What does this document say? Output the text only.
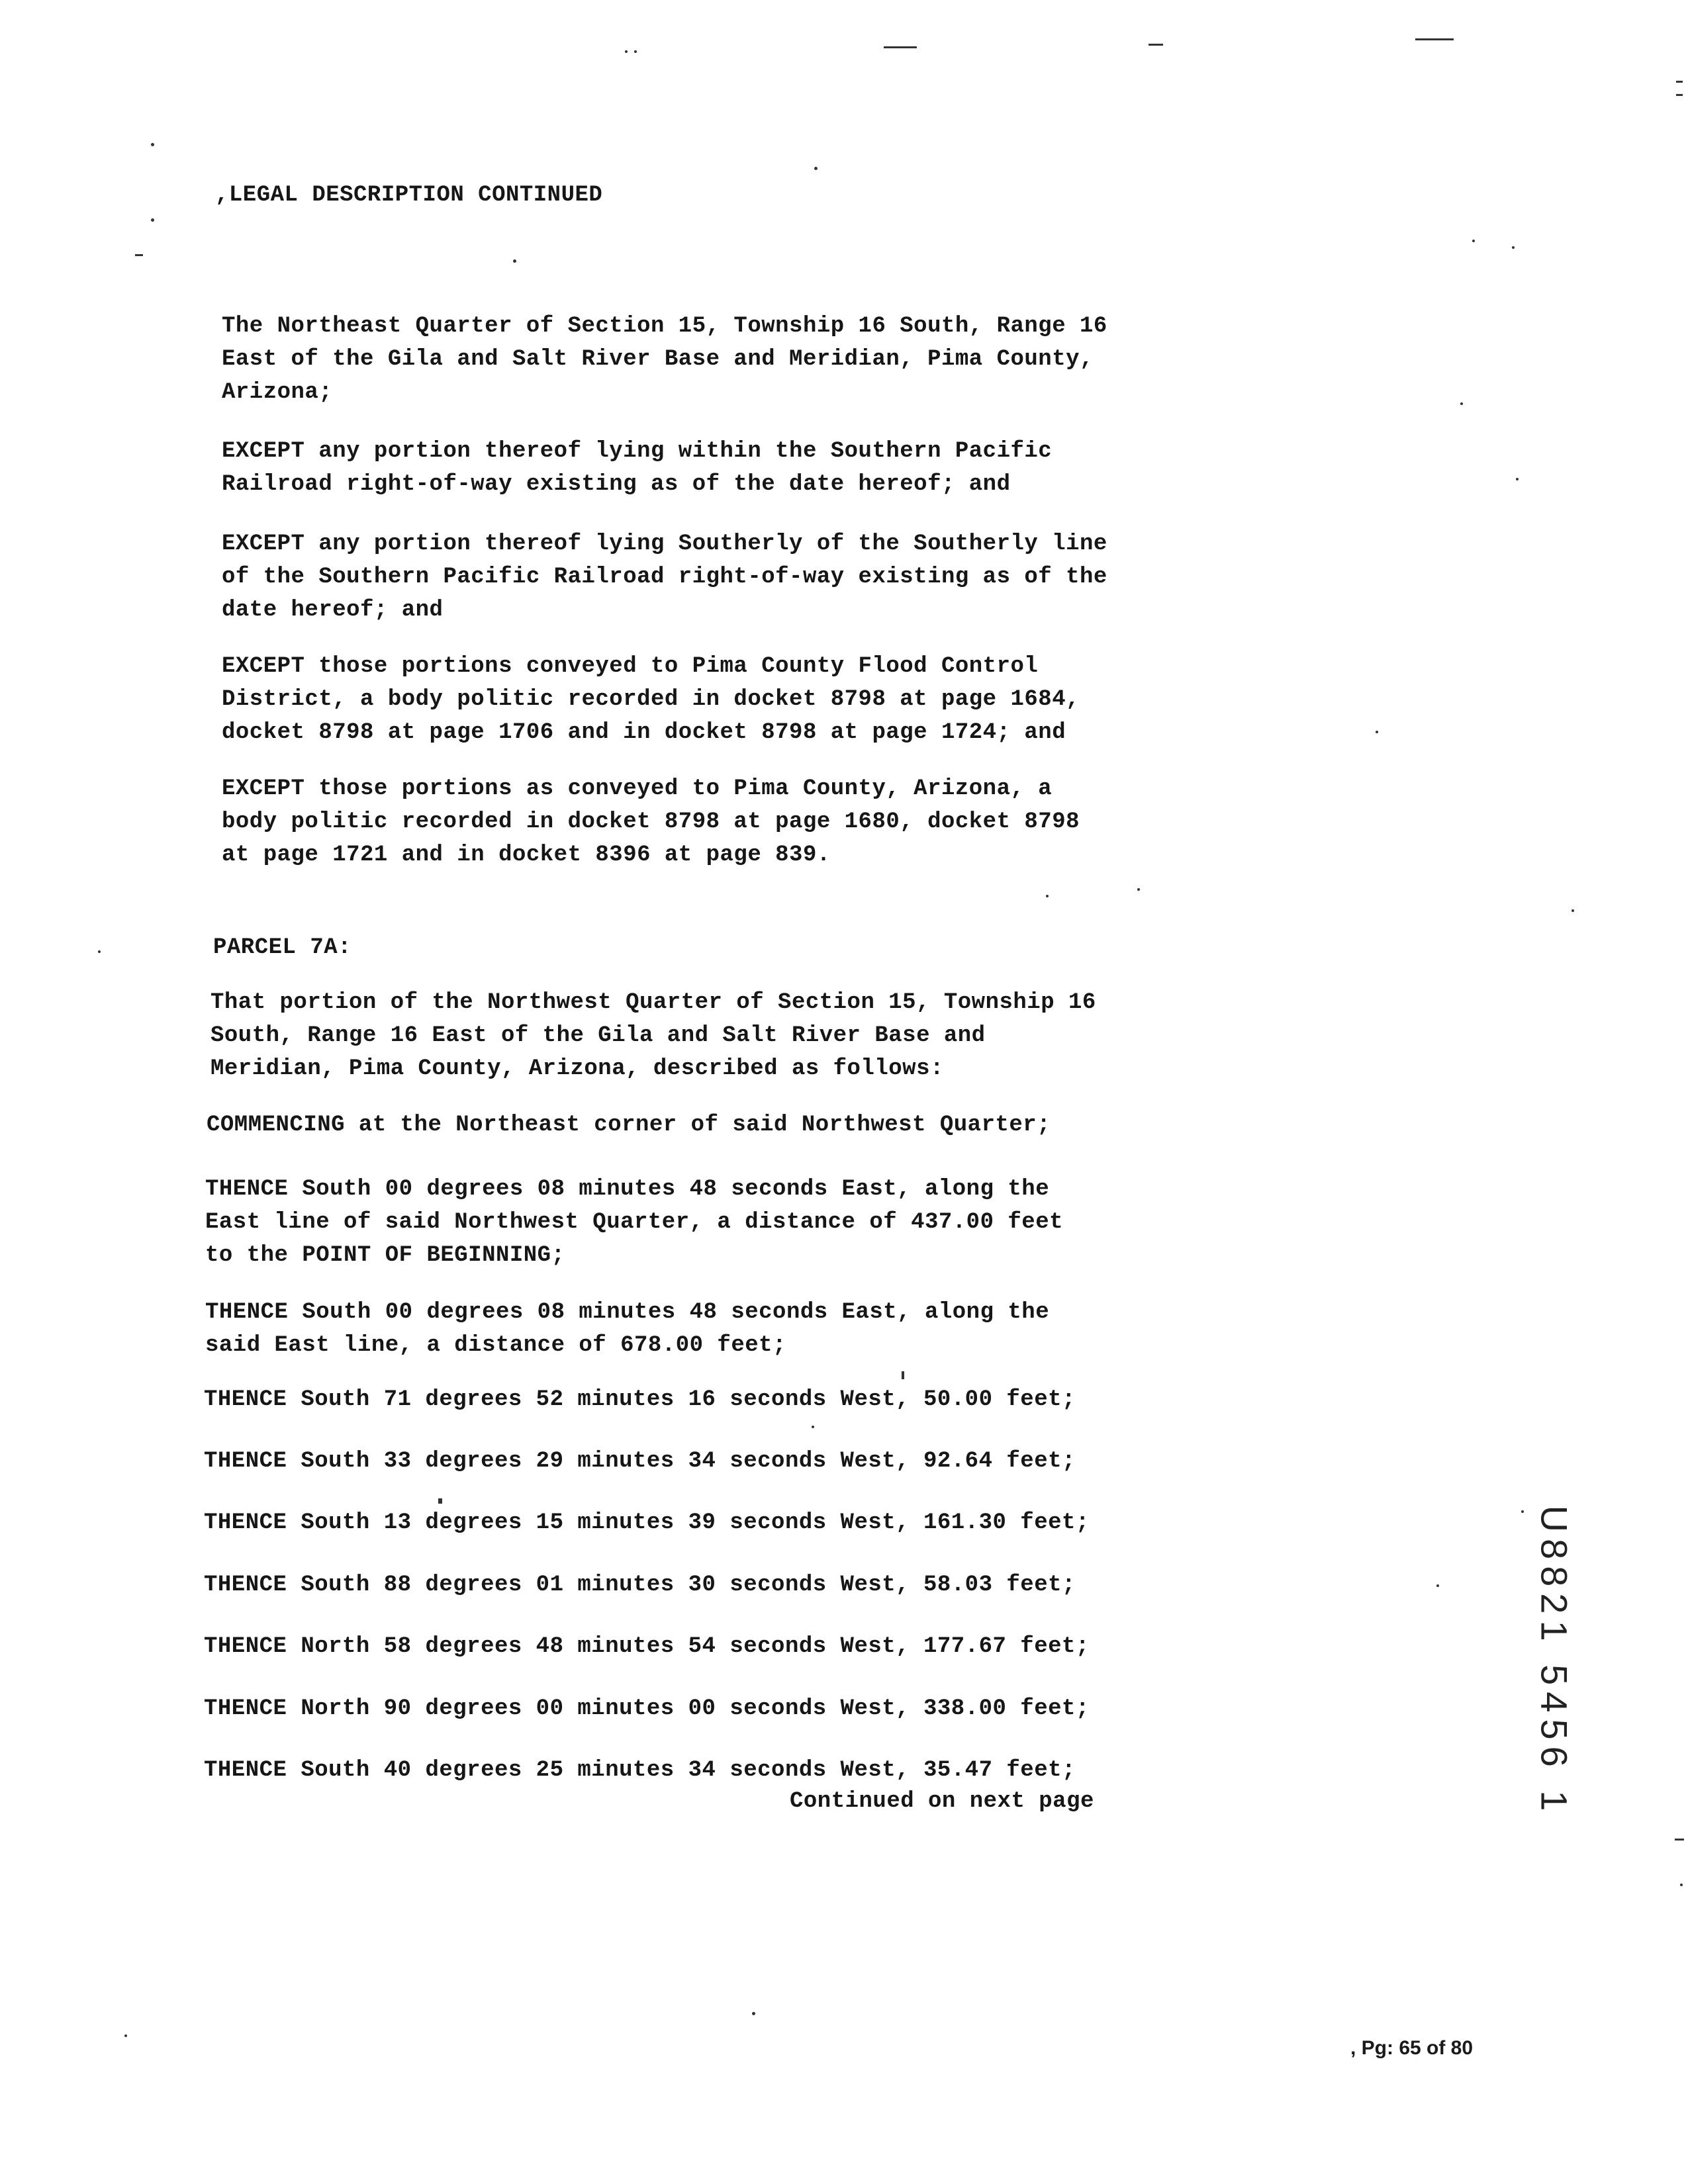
,LEGAL DESCRIPTION CONTINUED
The Northeast Quarter of Section 15, Township 16 South, Range 16
East of the Gila and Salt River Base and Meridian, Pima County,
Arizona;
EXCEPT any portion thereof lying within the Southern Pacific
Railroad right-of-way existing as of the date hereof; and
EXCEPT any portion thereof lying Southerly of the Southerly line
of the Southern Pacific Railroad right-of-way existing as of the
date hereof; and
EXCEPT those portions conveyed to Pima County Flood Control
District, a body politic recorded in docket 8798 at page 1684,
docket 8798 at page 1706 and in docket 8798 at page 1724; and
EXCEPT those portions as conveyed to Pima County, Arizona, a
body politic recorded in docket 8798 at page 1680, docket 8798
at page 1721 and in docket 8396 at page 839.
PARCEL 7A:
That portion of the Northwest Quarter of Section 15, Township 16
South, Range 16 East of the Gila and Salt River Base and
Meridian, Pima County, Arizona, described as follows:
COMMENCING at the Northeast corner of said Northwest Quarter;
THENCE South 00 degrees 08 minutes 48 seconds East, along the
East line of said Northwest Quarter, a distance of 437.00 feet
to the POINT OF BEGINNING;
THENCE South 00 degrees 08 minutes 48 seconds East, along the
said East line, a distance of 678.00 feet;
THENCE South 71 degrees 52 minutes 16 seconds West, 50.00 feet;
THENCE South 33 degrees 29 minutes 34 seconds West, 92.64 feet;
THENCE South 13 degrees 15 minutes 39 seconds West, 161.30 feet;
THENCE South 88 degrees 01 minutes 30 seconds West, 58.03 feet;
THENCE North 58 degrees 48 minutes 54 seconds West, 177.67 feet;
THENCE North 90 degrees 00 minutes 00 seconds West, 338.00 feet;
THENCE South 40 degrees 25 minutes 34 seconds West, 35.47 feet;
Continued on next page	U8821 5456 1
, Pg: 65 of 80
